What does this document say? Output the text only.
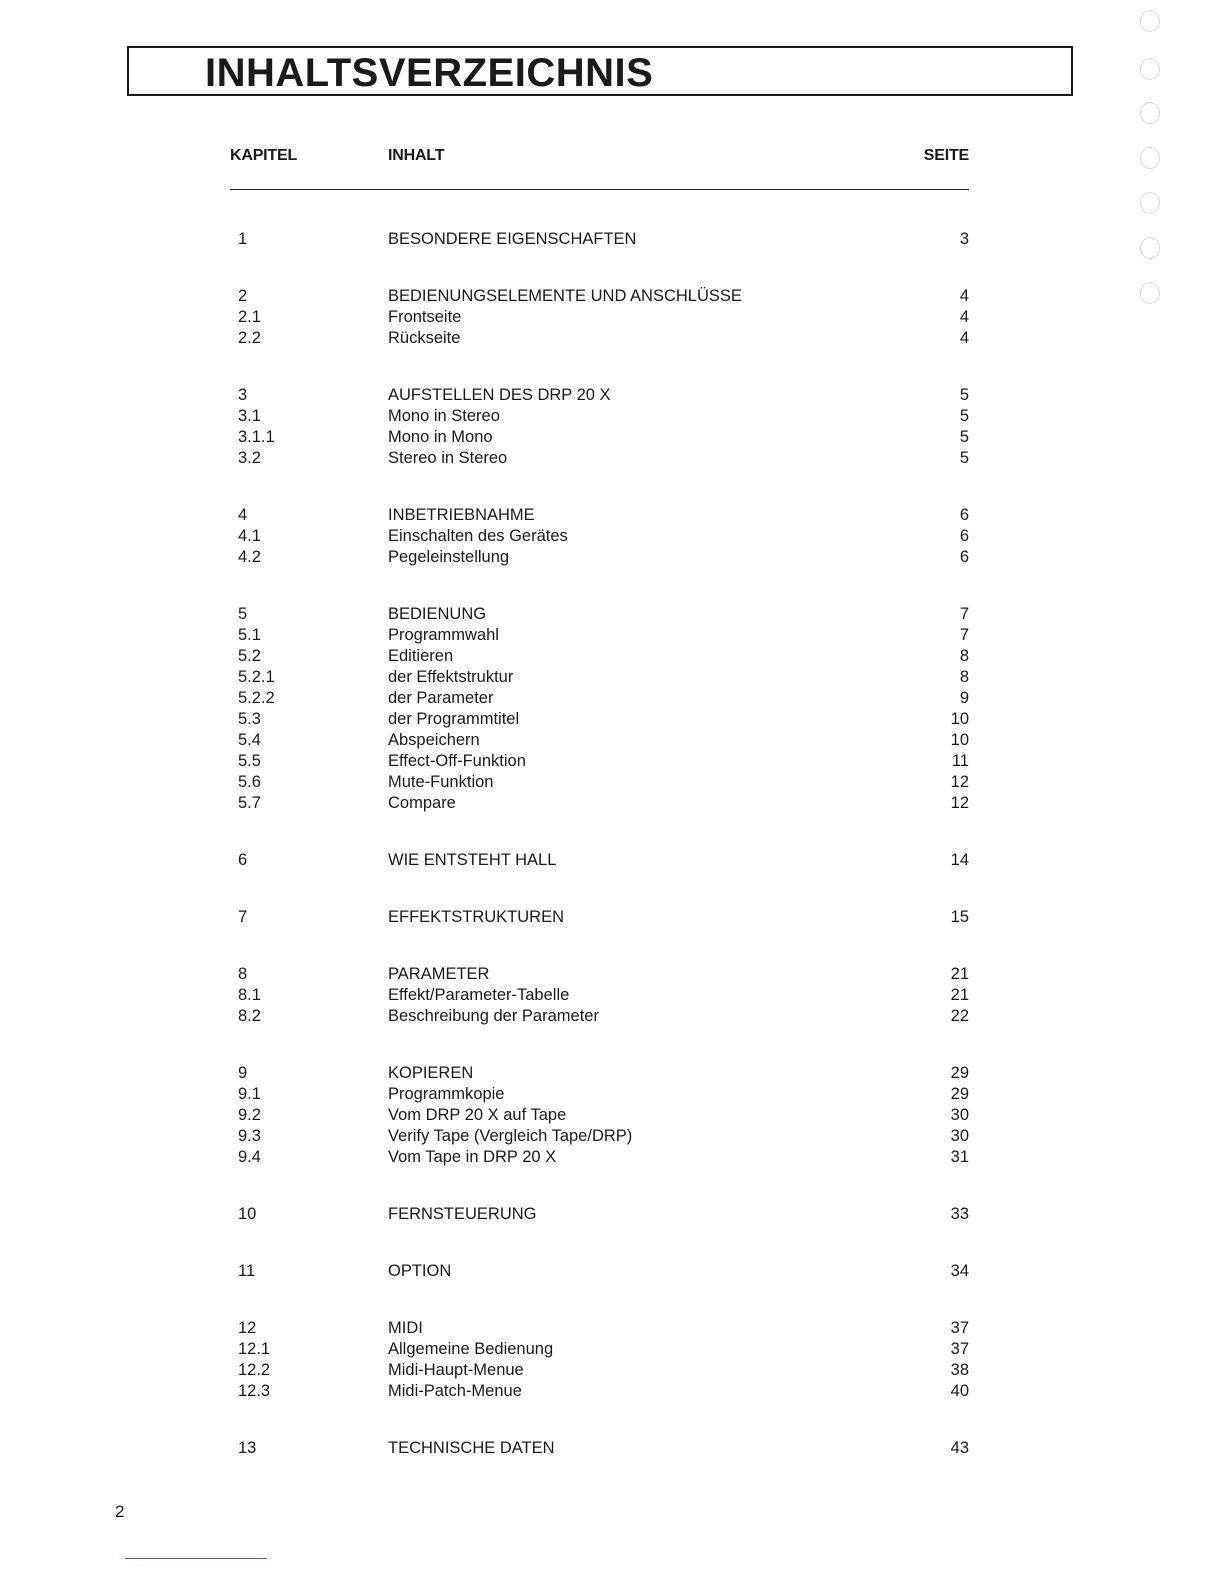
INHALTSVERZEICHNIS
KAPITEL	INHALT	SEITE
1	BESONDERE EIGENSCHAFTEN	3
2	BEDIENUNGSELEMENTE UND ANSCHLÜSSE	4
2.1	Frontseite	4
2.2	Rückseite	4
3	AUFSTELLEN DES DRP 20 X	5
3.1	Mono in Stereo	5
3.1.1	Mono in Mono	5
3.2	Stereo in Stereo	5
4	INBETRIEBNAHME	6
4.1	Einschalten des Gerätes	6
4.2	Pegeleinstellung	6
5	BEDIENUNG	7
5.1	Programmwahl	7
5.2	Editieren	8
5.2.1	der Effektstruktur	8
5.2.2	der Parameter	9
5.3	der Programmtitel	10
5.4	Abspeichern	10
5.5	Effect-Off-Funktion	11
5.6	Mute-Funktion	12
5.7	Compare	12
6	WIE ENTSTEHT HALL	14
7	EFFEKTSTRUKTUREN	15
8	PARAMETER	21
8.1	Effekt/Parameter-Tabelle	21
8.2	Beschreibung der Parameter	22
9	KOPIEREN	29
9.1	Programmkopie	29
9.2	Vom DRP 20 X auf Tape	30
9.3	Verify Tape (Vergleich Tape/DRP)	30
9.4	Vom Tape in DRP 20 X	31
10	FERNSTEUERUNG	33
11	OPTION	34
12	MIDI	37
12.1	Allgemeine Bedienung	37
12.2	Midi-Haupt-Menue	38
12.3	Midi-Patch-Menue	40
13	TECHNISCHE DATEN	43
2
